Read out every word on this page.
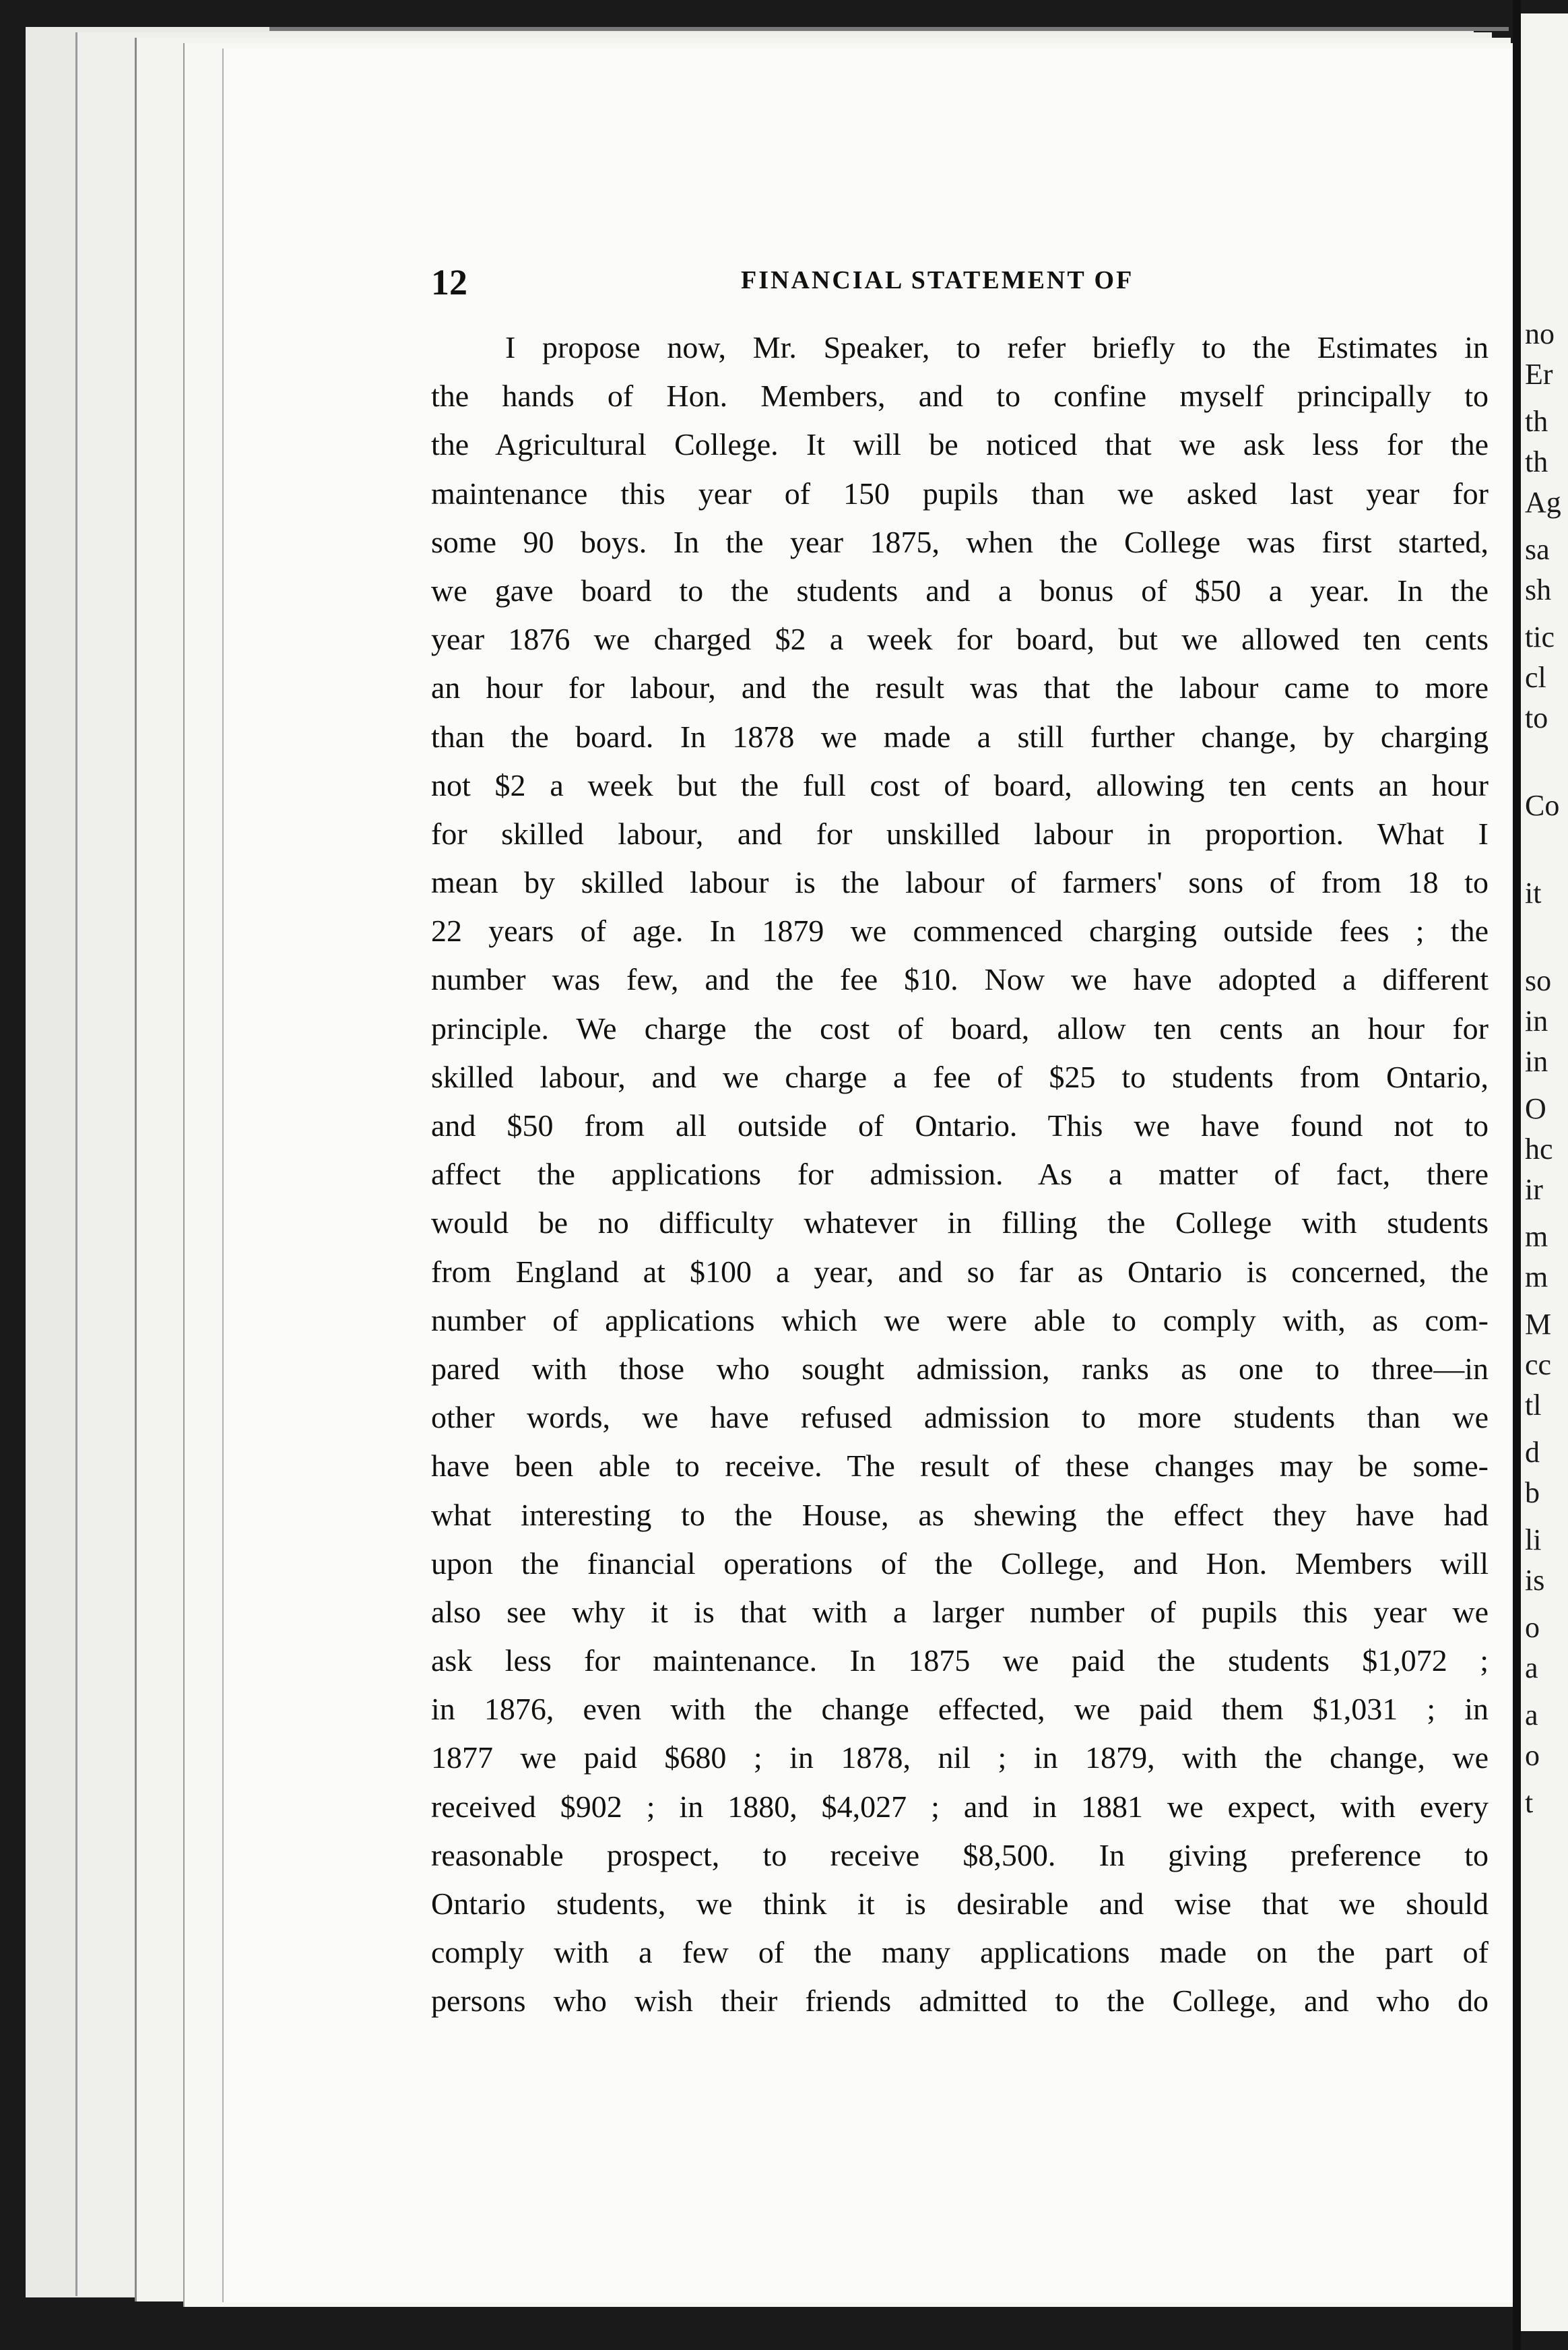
12	FINANCIAL STATEMENT OF
I propose now, Mr. Speaker, to refer briefly to the Estimates in
the hands of Hon. Members, and to confine myself principally to
the Agricultural College. It will be noticed that we ask less for the
maintenance this year of 150 pupils than we asked last year for
some 90 boys. In the year 1875, when the College was first started,
we gave board to the students and a bonus of $50 a year. In the
year 1876 we charged $2 a week for board, but we allowed ten cents
an hour for labour, and the result was that the labour came to more
than the board. In 1878 we made a still further change, by charging
not $2 a week but the full cost of board, allowing ten cents an hour
for skilled labour, and for unskilled labour in proportion. What I
mean by skilled labour is the labour of farmers' sons of from 18 to
22 years of age. In 1879 we commenced charging outside fees ; the
number was few, and the fee $10. Now we have adopted a different
principle. We charge the cost of board, allow ten cents an hour for
skilled labour, and we charge a fee of $25 to students from Ontario,
and $50 from all outside of Ontario. This we have found not to
affect the applications for admission. As a matter of fact, there
would be no difficulty whatever in filling the College with students
from England at $100 a year, and so far as Ontario is concerned, the
number of applications which we were able to comply with, as com-
pared with those who sought admission, ranks as one to three—in
other words, we have refused admission to more students than we
have been able to receive. The result of these changes may be some-
what interesting to the House, as shewing the effect they have had
upon the financial operations of the College, and Hon. Members will
also see why it is that with a larger number of pupils this year we
ask less for maintenance. In 1875 we paid the students $1,072 ;
in 1876, even with the change effected, we paid them $1,031 ; in
1877 we paid $680 ; in 1878, nil ; in 1879, with the change, we
received $902 ; in 1880, $4,027 ; and in 1881 we expect, with every
reasonable prospect, to receive $8,500. In giving preference to
Ontario students, we think it is desirable and wise that we should
comply with a few of the many applications made on the part of
persons who wish their friends admitted to the College, and who do
no
Er
th
th
Ag
sa
sh
tic
cl
to
Co
it
so
in
in
O
hc
ir
m
m
M
cc
tl
d
b
li
is
o
a
a
o
t
